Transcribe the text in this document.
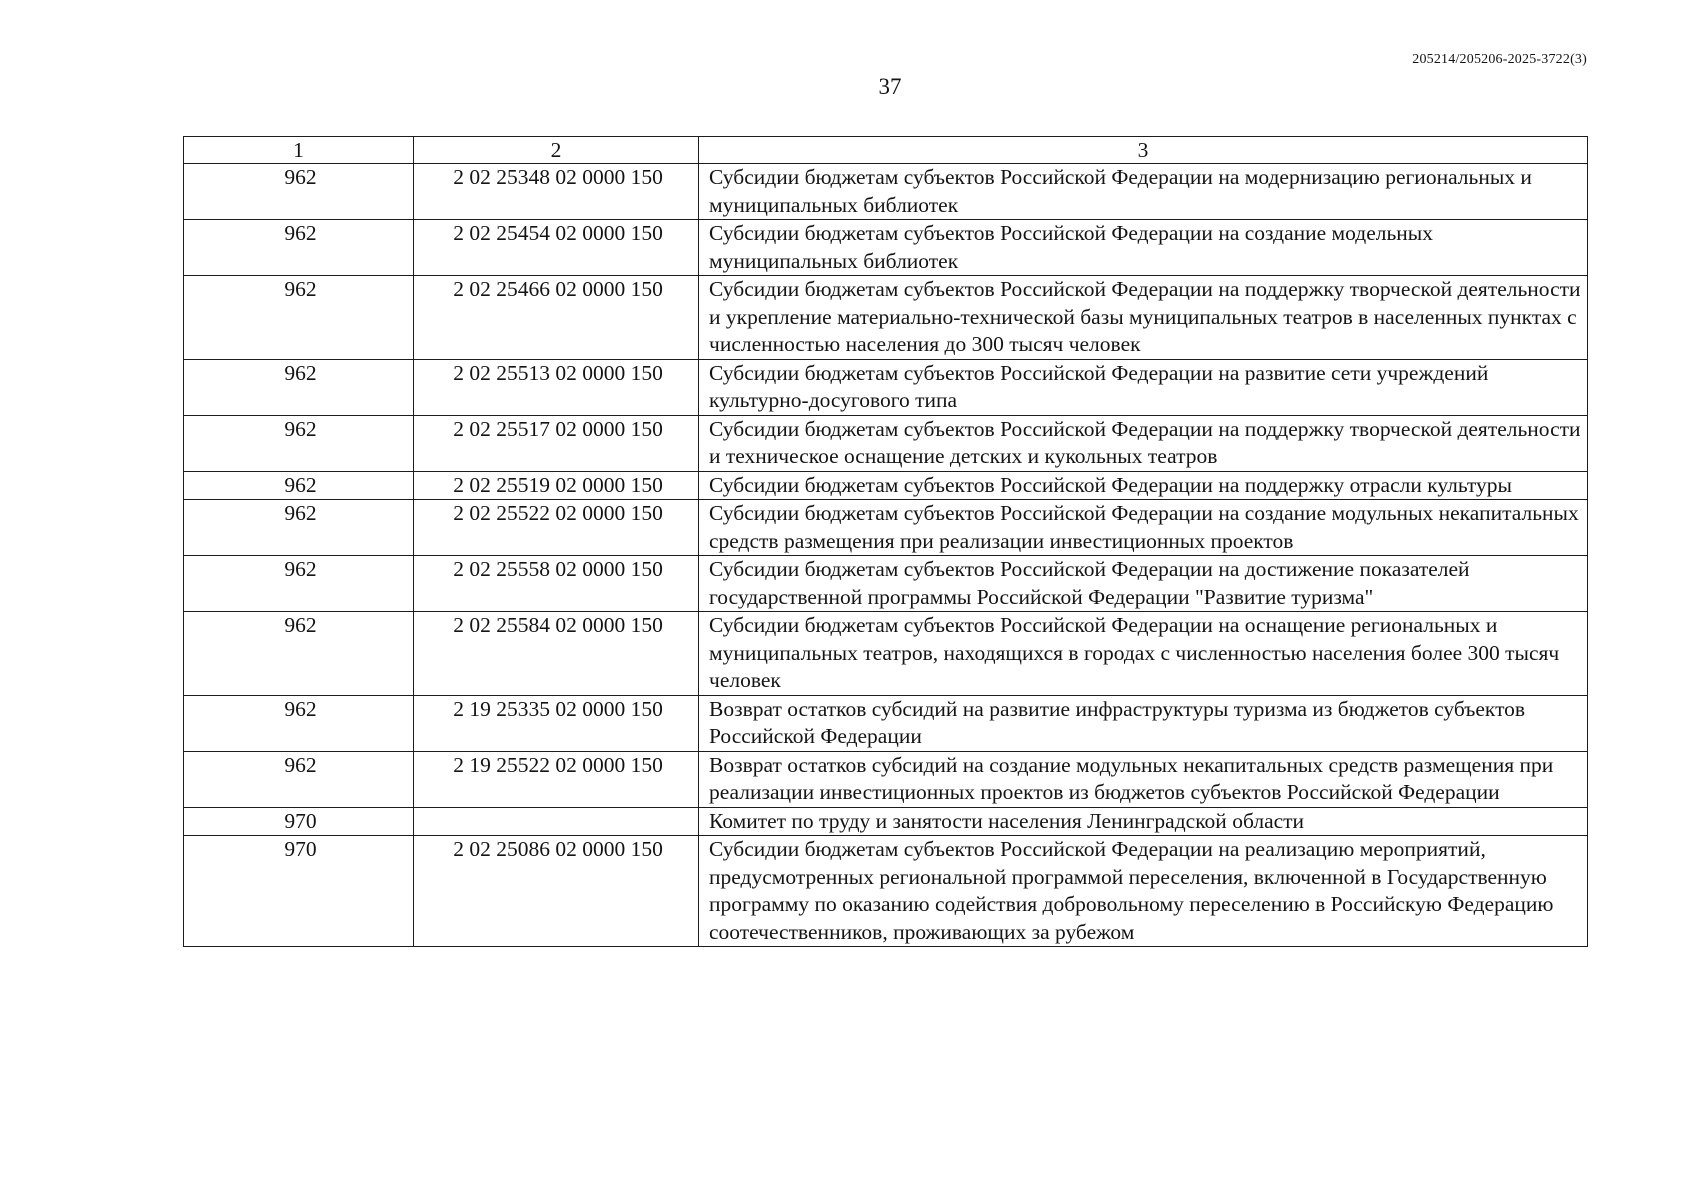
205214/205206-2025-3722(3)
37
1	2	3
962	2 02 25348 02 0000 150	Субсидии бюджетам субъектов Российской Федерации на модернизацию региональных и муниципальных библиотек
962	2 02 25454 02 0000 150	Субсидии бюджетам субъектов Российской Федерации на создание модельных муниципальных библиотек
962	2 02 25466 02 0000 150	Субсидии бюджетам субъектов Российской Федерации на поддержку творческой деятельности и укрепление материально-технической базы муниципальных театров в населенных пунктах с численностью населения до 300 тысяч человек
962	2 02 25513 02 0000 150	Субсидии бюджетам субъектов Российской Федерации на развитие сети учреждений культурно-досугового типа
962	2 02 25517 02 0000 150	Субсидии бюджетам субъектов Российской Федерации на поддержку творческой деятельности и техническое оснащение детских и кукольных театров
962	2 02 25519 02 0000 150	Субсидии бюджетам субъектов Российской Федерации на поддержку отрасли культуры
962	2 02 25522 02 0000 150	Субсидии бюджетам субъектов Российской Федерации на создание модульных некапитальных средств размещения при реализации инвестиционных проектов
962	2 02 25558 02 0000 150	Субсидии бюджетам субъектов Российской Федерации на достижение показателей государственной программы Российской Федерации "Развитие туризма"
962	2 02 25584 02 0000 150	Субсидии бюджетам субъектов Российской Федерации на оснащение региональных и муниципальных театров, находящихся в городах с численностью населения более 300 тысяч человек
962	2 19 25335 02 0000 150	Возврат остатков субсидий на развитие инфраструктуры туризма из бюджетов субъектов Российской Федерации
962	2 19 25522 02 0000 150	Возврат остатков субсидий на создание модульных некапитальных средств размещения при реализации инвестиционных проектов из бюджетов субъектов Российской Федерации
970		Комитет по труду и занятости населения Ленинградской области
970	2 02 25086 02 0000 150	Субсидии бюджетам субъектов Российской Федерации на реализацию мероприятий, предусмотренных региональной программой переселения, включенной в Государственную программу по оказанию содействия добровольному переселению в Российскую Федерацию соотечественников, проживающих за рубежом
